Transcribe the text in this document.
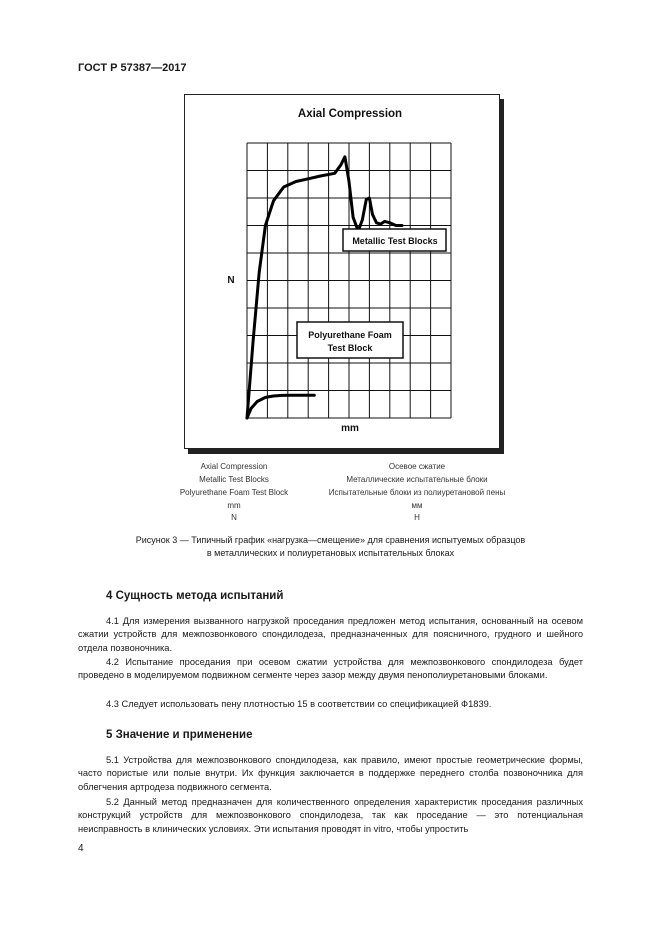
ГОСТ Р 57387—2017
Axial Compression
N
mm
Metallic Test Blocks
Polyurethane Foam
Test Block
Axial Compression	Осевое сжатие
Metallic Test Blocks	Металлические испытательные блоки
Polyurethane Foam Test Block	Испытательные блоки из полиуретановой пены
mm	мм
N	Н
Рисунок 3 — Типичный график «нагрузка—смещение» для сравнения испытуемых образцов
в металлических и полиуретановых испытательных блоках
4 Сущность метода испытаний

4.1 Для измерения вызванного нагрузкой проседания предложен метод испытания, основанный на осевом сжатии устройств для межпозвонкового спондилодеза, предназначенных для поясничного, грудного и шейного отдела позвоночника.

4.2 Испытание проседания при осевом сжатии устройства для межпозвонкового спондилодеза будет проведено в моделируемом подвижном сегменте через зазор между двумя пенополиуретановыми блоками.

4.3 Следует использовать пену плотностью 15 в соответствии со спецификацией Ф1839.

5 Значение и применение

5.1 Устройства для межпозвонкового спондилодеза, как правило, имеют простые геометрические формы, часто пористые или полые внутри. Их функция заключается в поддержке переднего столба позвоночника для облегчения артродеза подвижного сегмента.

5.2 Данный метод предназначен для количественного определения характеристик проседания различных конструкций устройств для межпозвонкового спондилодеза, так как проседание — это потенциальная неисправность в клинических условиях. Эти испытания проводят in vitro, чтобы упростить

4
